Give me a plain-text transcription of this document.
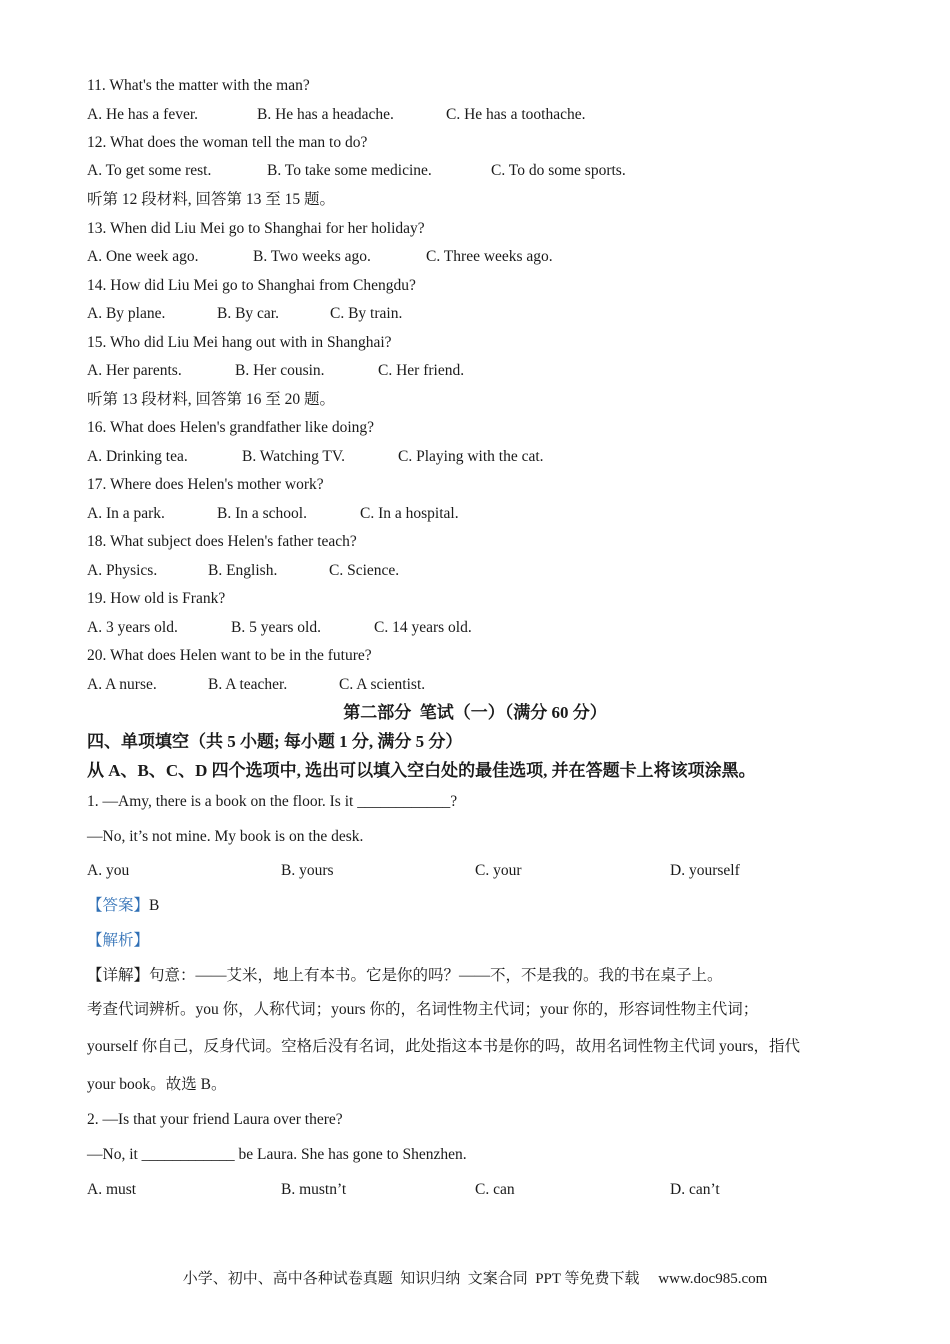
11. What's the matter with the man?
A. He has a fever.	B. He has a headache.	C. He has a toothache.
12. What does the woman tell the man to do?
A. To get some rest.	B. To take some medicine.	C. To do some sports.
听第 12 段材料, 回答第 13 至 15 题。
13. When did Liu Mei go to Shanghai for her holiday?
A. One week ago.	B. Two weeks ago.	C. Three weeks ago.
14. How did Liu Mei go to Shanghai from Chengdu?
A. By plane.	B. By car.	C. By train.
15. Who did Liu Mei hang out with in Shanghai?
A. Her parents.	B. Her cousin.	C. Her friend.
听第 13 段材料, 回答第 16 至 20 题。
16. What does Helen's grandfather like doing?
A. Drinking tea.	B. Watching TV.	C. Playing with the cat.
17. Where does Helen's mother work?
A. In a park.	B. In a school.	C. In a hospital.
18. What subject does Helen's father teach?
A. Physics.	B. English.	C. Science.
19. How old is Frank?
A. 3 years old.	B. 5 years old.	C. 14 years old.
20. What does Helen want to be in the future?
A. A nurse.	B. A teacher.	C. A scientist.
第二部分  笔试（一）（满分 60 分）
四、单项填空（共 5 小题; 每小题 1 分, 满分 5 分）
从 A、B、C、D 四个选项中, 选出可以填入空白处的最佳选项, 并在答题卡上将该项涂黑。
1. —Amy, there is a book on the floor. Is it ____________?
—No, it’s not mine. My book is on the desk.
A. you	B. yours	C. your	D. yourself
【答案】B
【解析】
【详解】句意：——艾米，地上有本书。它是你的吗？——不，不是我的。我的书在桌子上。
考查代词辨析。you 你，人称代词；yours 你的，名词性物主代词；your 你的，形容词性物主代词；
yourself 你自己，反身代词。空格后没有名词，此处指这本书是你的吗，故用名词性物主代词 yours，指代
your book。故选 B。
2. —Is that your friend Laura over there?
—No, it ____________ be Laura. She has gone to Shenzhen.
A. must	B. mustn’t	C. can	D. can’t
小学、初中、高中各种试卷真题  知识归纳  文案合同  PPT 等免费下载     www.doc985.com
